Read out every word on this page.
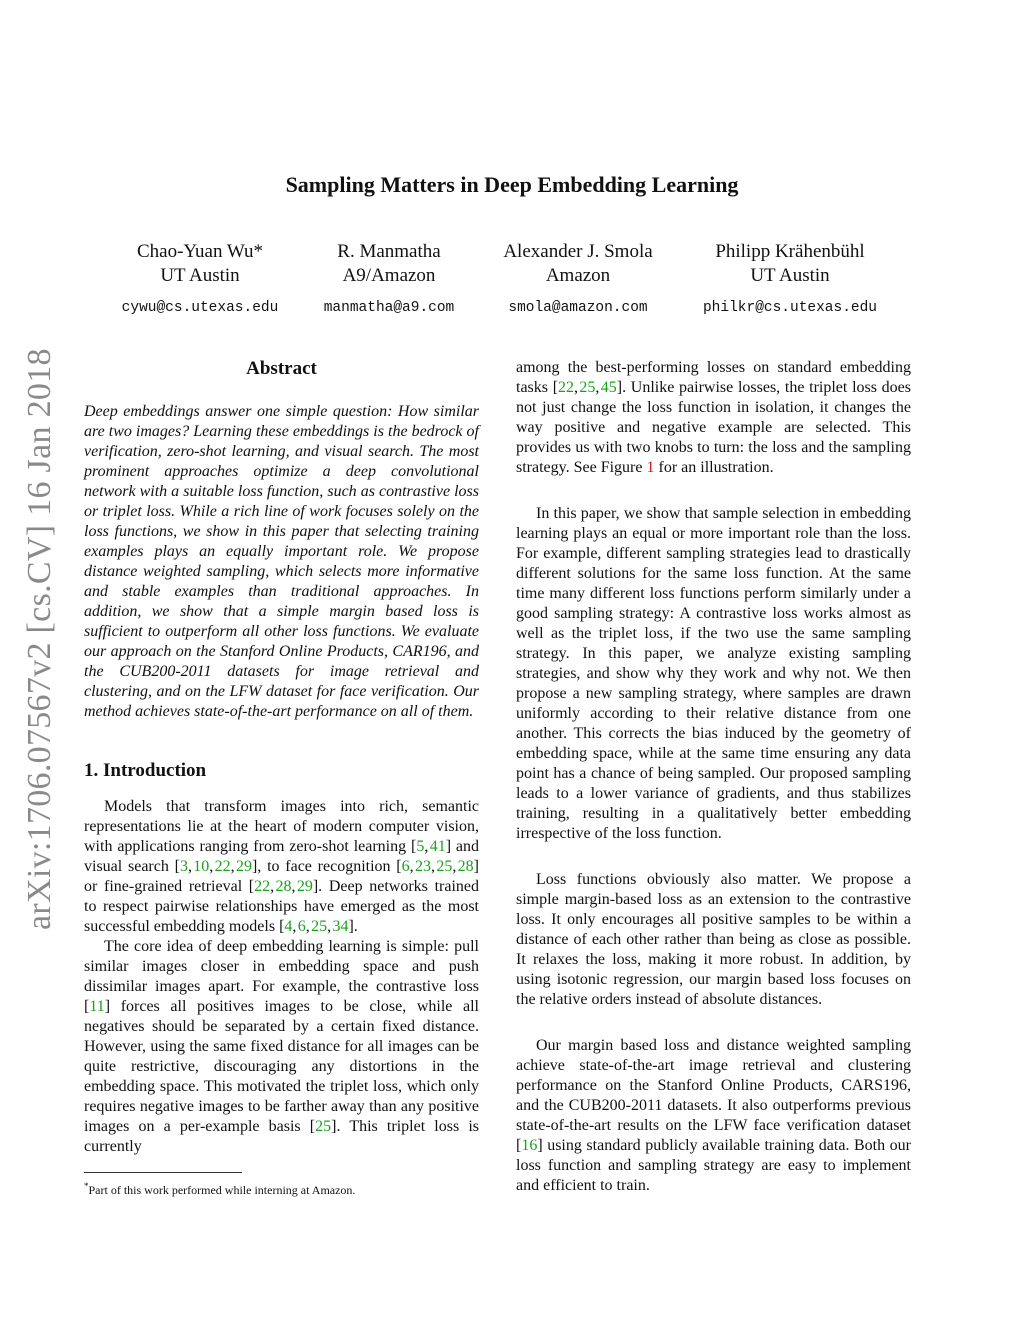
arXiv:1706.07567v2 [cs.CV] 16 Jan 2018
Sampling Matters in Deep Embedding Learning
Chao-Yuan Wu*
UT Austin
cywu@cs.utexas.edu
R. Manmatha
A9/Amazon
manmatha@a9.com
Alexander J. Smola
Amazon
smola@amazon.com
Philipp Krähenbühl
UT Austin
philkr@cs.utexas.edu
Abstract

Deep embeddings answer one simple question: How similar are two images? Learning these embeddings is the bedrock of verification, zero-shot learning, and visual search. The most prominent approaches optimize a deep convolutional network with a suitable loss function, such as contrastive loss or triplet loss. While a rich line of work focuses solely on the loss functions, we show in this paper that selecting training examples plays an equally important role. We propose distance weighted sampling, which selects more informative and stable examples than traditional approaches. In addition, we show that a simple margin based loss is sufficient to outperform all other loss functions. We evaluate our approach on the Stanford Online Products, CAR196, and the CUB200-2011 datasets for image retrieval and clustering, and on the LFW dataset for face verification. Our method achieves state-of-the-art performance on all of them.

1. Introduction

Models that transform images into rich, semantic representations lie at the heart of modern computer vision, with applications ranging from zero-shot learning [5, 41] and visual search [3, 10, 22, 29], to face recognition [6, 23, 25, 28] or fine-grained retrieval [22, 28, 29]. Deep networks trained to respect pairwise relationships have emerged as the most successful embedding models [4, 6, 25, 34].

The core idea of deep embedding learning is simple: pull similar images closer in embedding space and push dissimilar images apart. For example, the contrastive loss [11] forces all positives images to be close, while all negatives should be separated by a certain fixed distance. However, using the same fixed distance for all images can be quite restrictive, discouraging any distortions in the embedding space. This motivated the triplet loss, which only requires negative images to be farther away than any positive images on a per-example basis [25]. This triplet loss is currently

among the best-performing losses on standard embedding tasks [22, 25, 45]. Unlike pairwise losses, the triplet loss does not just change the loss function in isolation, it changes the way positive and negative example are selected. This provides us with two knobs to turn: the loss and the sampling strategy. See Figure 1 for an illustration.

In this paper, we show that sample selection in embedding learning plays an equal or more important role than the loss. For example, different sampling strategies lead to drastically different solutions for the same loss function. At the same time many different loss functions perform similarly under a good sampling strategy: A contrastive loss works almost as well as the triplet loss, if the two use the same sampling strategy. In this paper, we analyze existing sampling strategies, and show why they work and why not. We then propose a new sampling strategy, where samples are drawn uniformly according to their relative distance from one another. This corrects the bias induced by the geometry of embedding space, while at the same time ensuring any data point has a chance of being sampled. Our proposed sampling leads to a lower variance of gradients, and thus stabilizes training, resulting in a qualitatively better embedding irrespective of the loss function.

Loss functions obviously also matter. We propose a simple margin-based loss as an extension to the contrastive loss. It only encourages all positive samples to be within a distance of each other rather than being as close as possible. It relaxes the loss, making it more robust. In addition, by using isotonic regression, our margin based loss focuses on the relative orders instead of absolute distances.

Our margin based loss and distance weighted sampling achieve state-of-the-art image retrieval and clustering performance on the Stanford Online Products, CARS196, and the CUB200-2011 datasets. It also outperforms previous state-of-the-art results on the LFW face verification dataset [16] using standard publicly available training data. Both our loss function and sampling strategy are easy to implement and efficient to train.

*Part of this work performed while interning at Amazon.
